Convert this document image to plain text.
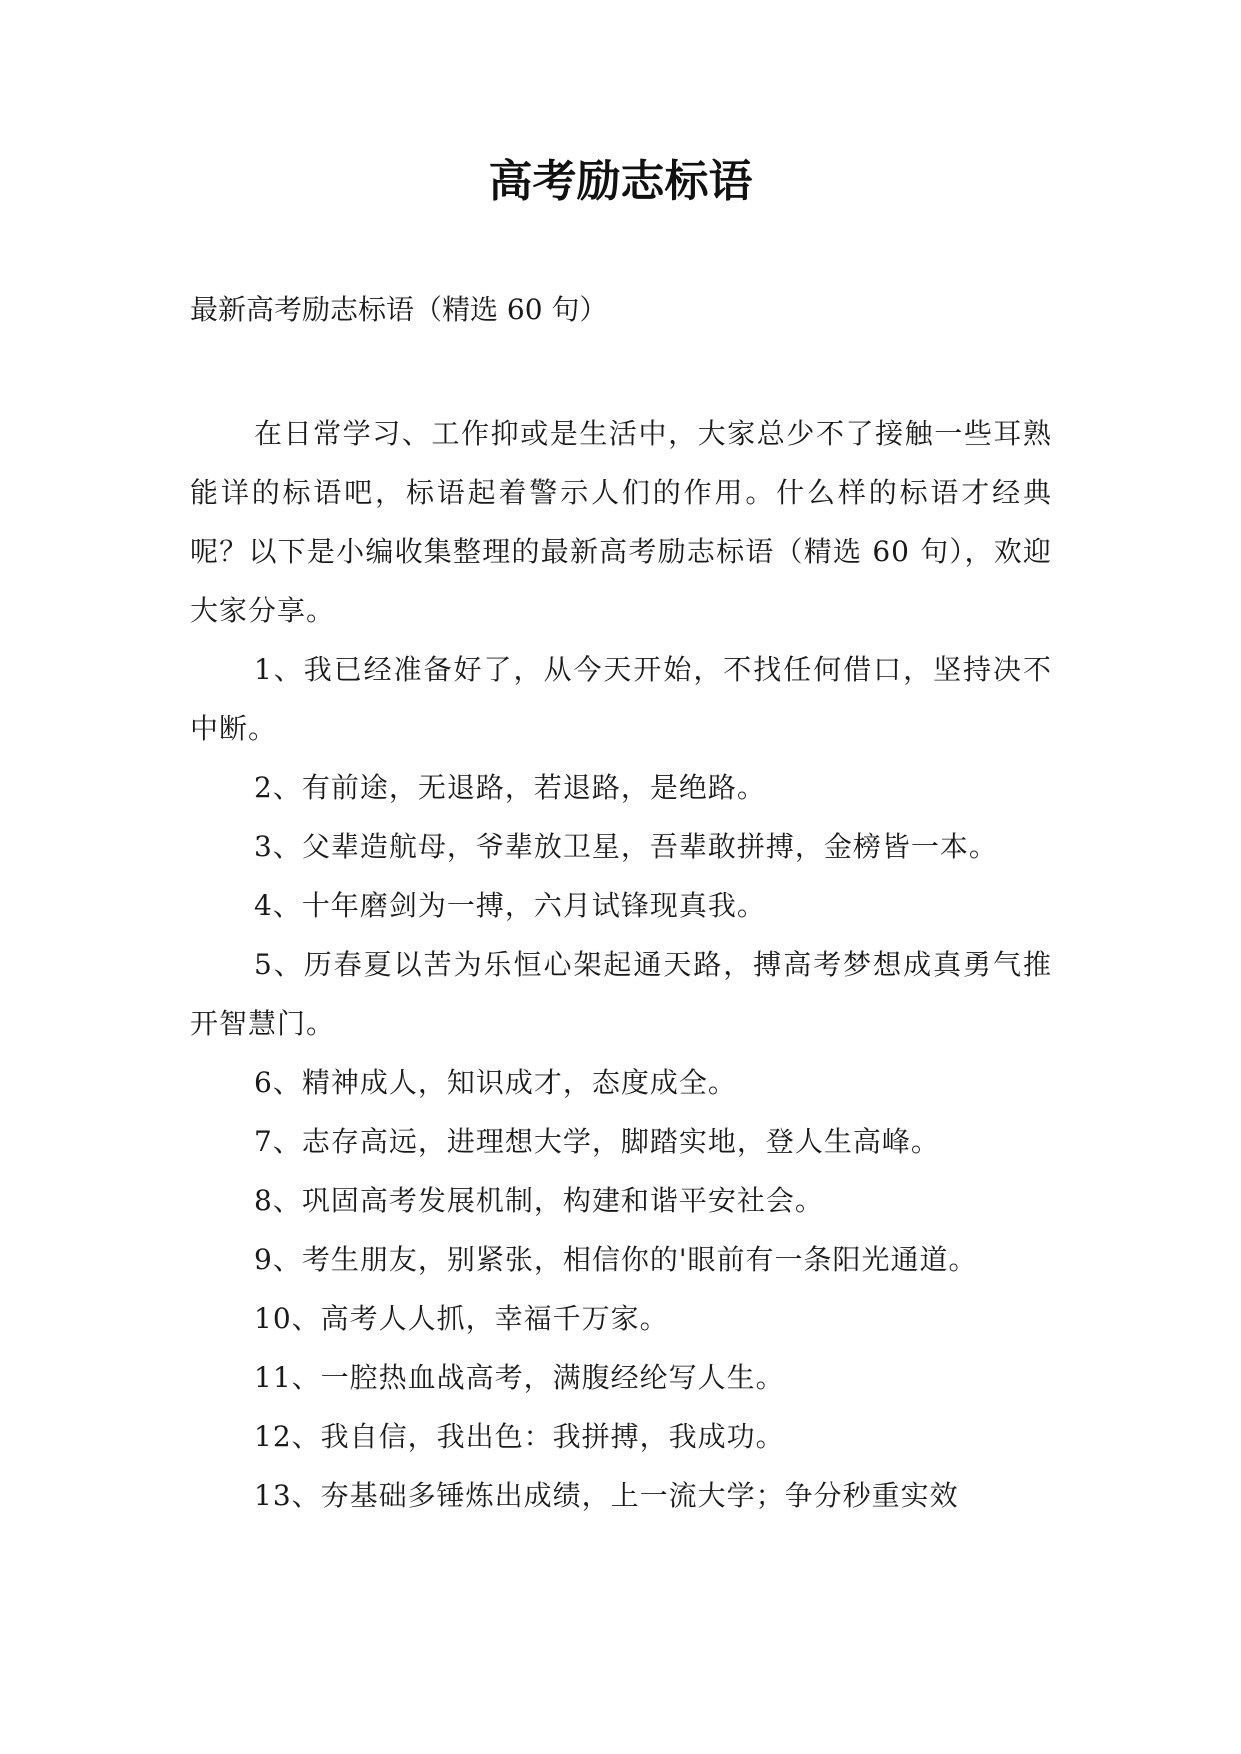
高考励志标语

最新高考励志标语（精选 60 句）

在日常学习、工作抑或是生活中，大家总少不了接触一些耳熟能详的标语吧，标语起着警示人们的作用。什么样的标语才经典呢？以下是小编收集整理的最新高考励志标语（精选 60 句），欢迎大家分享。

1、我已经准备好了，从今天开始，不找任何借口，坚持决不中断。

2、有前途，无退路，若退路，是绝路。

3、父辈造航母，爷辈放卫星，吾辈敢拼搏，金榜皆一本。

4、十年磨剑为一搏，六月试锋现真我。

5、历春夏以苦为乐恒心架起通天路，搏高考梦想成真勇气推开智慧门。

6、精神成人，知识成才，态度成全。

7、志存高远，进理想大学，脚踏实地，登人生高峰。

8、巩固高考发展机制，构建和谐平安社会。

9、考生朋友，别紧张，相信你的'眼前有一条阳光通道。

10、高考人人抓，幸福千万家。

11、一腔热血战高考，满腹经纶写人生。

12、我自信，我出色：我拼搏，我成功。

13、夯基础多锤炼出成绩，上一流大学；争分秒重实效
